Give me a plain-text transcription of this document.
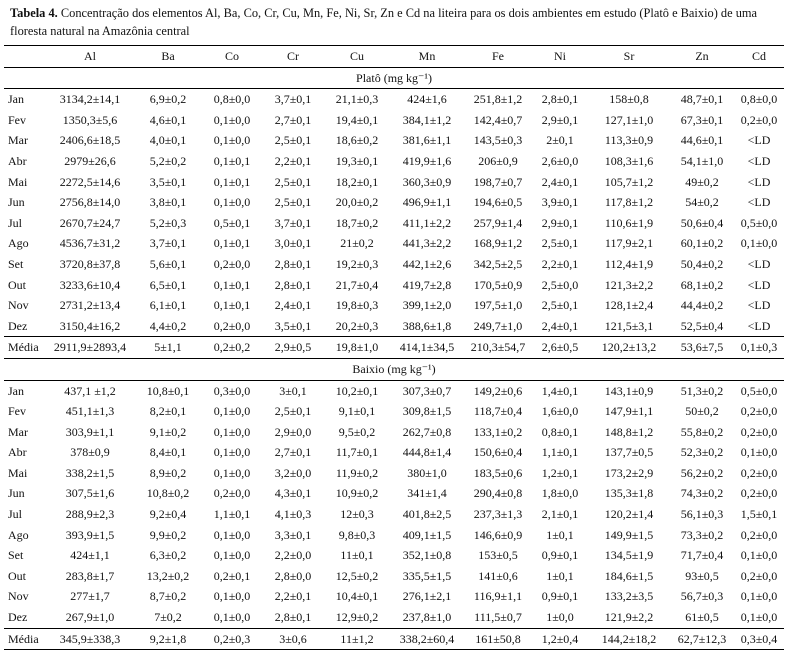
Tabela 4. Concentração dos elementos Al, Ba, Co, Cr, Cu, Mn, Fe, Ni, Sr, Zn e Cd na liteira para os dois ambientes em estudo (Platô e Baixio) de uma floresta natural na Amazônia central
	Al	Ba	Co	Cr	Cu	Mn	Fe	Ni	Sr	Zn	Cd
Platô (mg kg⁻¹)											
Jan	3134,2±14,1	6,9±0,2	0,8±0,0	3,7±0,1	21,1±0,3	424±1,6	251,8±1,2	2,8±0,1	158±0,8	48,7±0,1	0,8±0,0
Fev	1350,3±5,6	4,6±0,1	0,1±0,0	2,7±0,1	19,4±0,1	384,1±1,2	142,4±0,7	2,9±0,1	127,1±1,0	67,3±0,1	0,2±0,0
Mar	2406,6±18,5	4,0±0,1	0,1±0,0	2,5±0,1	18,6±0,2	381,6±1,1	143,5±0,3	2±0,1	113,3±0,9	44,6±0,1	<LD
Abr	2979±26,6	5,2±0,2	0,1±0,1	2,2±0,1	19,3±0,1	419,9±1,6	206±0,9	2,6±0,0	108,3±1,6	54,1±1,0	<LD
Mai	2272,5±14,6	3,5±0,1	0,1±0,1	2,5±0,1	18,2±0,1	360,3±0,9	198,7±0,7	2,4±0,1	105,7±1,2	49±0,2	<LD
Jun	2756,8±14,0	3,8±0,1	0,1±0,0	2,5±0,1	20,0±0,2	496,9±1,1	194,6±0,5	3,9±0,1	117,8±1,2	54±0,2	<LD
Jul	2670,7±24,7	5,2±0,3	0,5±0,1	3,7±0,1	18,7±0,2	411,1±2,2	257,9±1,4	2,9±0,1	110,6±1,9	50,6±0,4	0,5±0,0
Ago	4536,7±31,2	3,7±0,1	0,1±0,1	3,0±0,1	21±0,2	441,3±2,2	168,9±1,2	2,5±0,1	117,9±2,1	60,1±0,2	0,1±0,0
Set	3720,8±37,8	5,6±0,1	0,2±0,0	2,8±0,1	19,2±0,3	442,1±2,6	342,5±2,5	2,2±0,1	112,4±1,9	50,4±0,2	<LD
Out	3233,6±10,4	6,5±0,1	0,1±0,1	2,8±0,1	21,7±0,4	419,7±2,8	170,5±0,9	2,5±0,0	121,3±2,2	68,1±0,2	<LD
Nov	2731,2±13,4	6,1±0,1	0,1±0,1	2,4±0,1	19,8±0,3	399,1±2,0	197,5±1,0	2,5±0,1	128,1±2,4	44,4±0,2	<LD
Dez	3150,4±16,2	4,4±0,2	0,2±0,0	3,5±0,1	20,2±0,3	388,6±1,8	249,7±1,0	2,4±0,1	121,5±3,1	52,5±0,4	<LD
Média	2911,9±2893,4	5±1,1	0,2±0,2	2,9±0,5	19,8±1,0	414,1±34,5	210,3±54,7	2,6±0,5	120,2±13,2	53,6±7,5	0,1±0,3
Baixio (mg kg⁻¹)											
Jan	437,1 ±1,2	10,8±0,1	0,3±0,0	3±0,1	10,2±0,1	307,3±0,7	149,2±0,6	1,4±0,1	143,1±0,9	51,3±0,2	0,5±0,0
Fev	451,1±1,3	8,2±0,1	0,1±0,0	2,5±0,1	9,1±0,1	309,8±1,5	118,7±0,4	1,6±0,0	147,9±1,1	50±0,2	0,2±0,0
Mar	303,9±1,1	9,1±0,2	0,1±0,0	2,9±0,0	9,5±0,2	262,7±0,8	133,1±0,2	0,8±0,1	148,8±1,2	55,8±0,2	0,2±0,0
Abr	378±0,9	8,4±0,1	0,1±0,0	2,7±0,1	11,7±0,1	444,8±1,4	150,6±0,4	1,1±0,1	137,7±0,5	52,3±0,2	0,1±0,0
Mai	338,2±1,5	8,9±0,2	0,1±0,0	3,2±0,0	11,9±0,2	380±1,0	183,5±0,6	1,2±0,1	173,2±2,9	56,2±0,2	0,2±0,0
Jun	307,5±1,6	10,8±0,2	0,2±0,0	4,3±0,1	10,9±0,2	341±1,4	290,4±0,8	1,8±0,0	135,3±1,8	74,3±0,2	0,2±0,0
Jul	288,9±2,3	9,2±0,4	1,1±0,1	4,1±0,3	12±0,3	401,8±2,5	237,3±1,3	2,1±0,1	120,2±1,4	56,1±0,3	1,5±0,1
Ago	393,9±1,5	9,9±0,2	0,1±0,0	3,3±0,1	9,8±0,3	409,1±1,5	146,6±0,9	1±0,1	149,9±1,5	73,3±0,2	0,2±0,0
Set	424±1,1	6,3±0,2	0,1±0,0	2,2±0,0	11±0,1	352,1±0,8	153±0,5	0,9±0,1	134,5±1,9	71,7±0,4	0,1±0,0
Out	283,8±1,7	13,2±0,2	0,2±0,1	2,8±0,0	12,5±0,2	335,5±1,5	141±0,6	1±0,1	184,6±1,5	93±0,5	0,2±0,0
Nov	277±1,7	8,7±0,2	0,1±0,0	2,2±0,1	10,4±0,1	276,1±2,1	116,9±1,1	0,9±0,1	133,2±3,5	56,7±0,3	0,1±0,0
Dez	267,9±1,0	7±0,2	0,1±0,0	2,8±0,1	12,9±0,2	237,8±1,0	111,5±0,7	1±0,0	121,9±2,2	61±0,5	0,1±0,0
Média	345,9±338,3	9,2±1,8	0,2±0,3	3±0,6	11±1,2	338,2±60,4	161±50,8	1,2±0,4	144,2±18,2	62,7±12,3	0,3±0,4
